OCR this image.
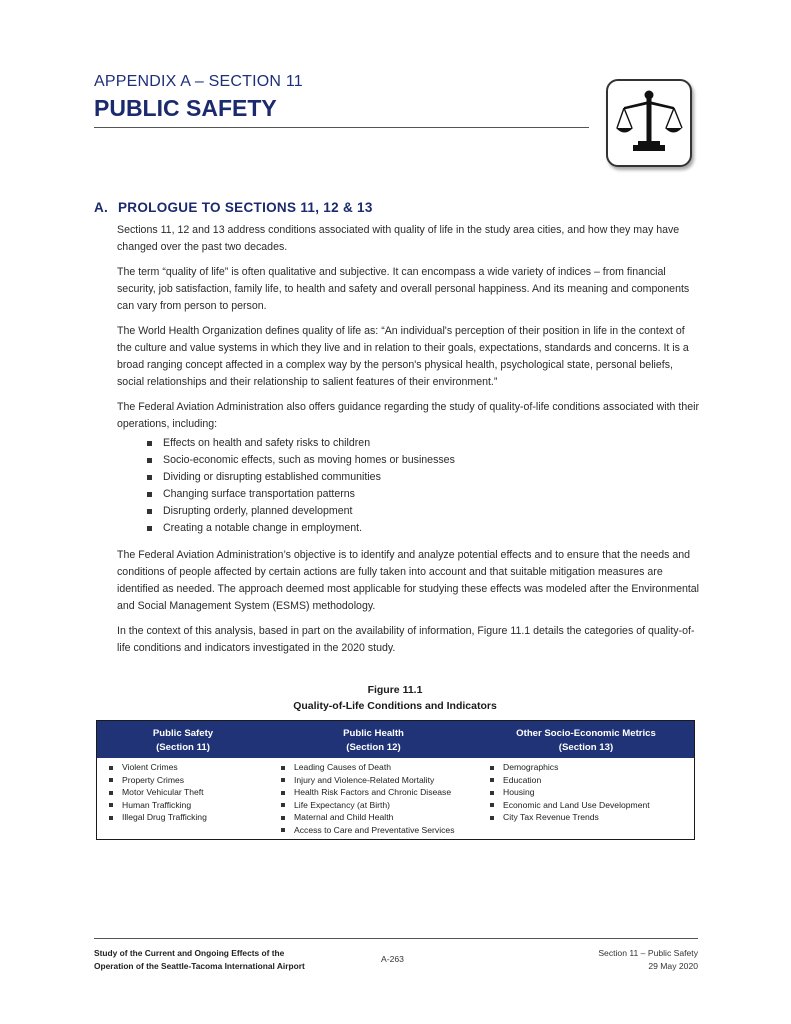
APPENDIX A – SECTION 11
PUBLIC SAFETY
A. PROLOGUE TO SECTIONS 11, 12 & 13

Sections 11, 12 and 13 address conditions associated with quality of life in the study area cities, and how they may have changed over the past two decades.

The term “quality of life” is often qualitative and subjective. It can encompass a wide variety of indices – from financial security, job satisfaction, family life, to health and safety and overall personal happiness. And its meaning and components can vary from person to person.

The World Health Organization defines quality of life as: “An individual's perception of their position in life in the context of the culture and value systems in which they live and in relation to their goals, expectations, standards and concerns. It is a broad ranging concept affected in a complex way by the person's physical health, psychological state, personal beliefs, social relationships and their relationship to salient features of their environment.”

The Federal Aviation Administration also offers guidance regarding the study of quality-of-life conditions associated with their operations, including:

Effects on health and safety risks to children
Socio-economic effects, such as moving homes or businesses
Dividing or disrupting established communities
Changing surface transportation patterns
Disrupting orderly, planned development
Creating a notable change in employment.

The Federal Aviation Administration’s objective is to identify and analyze potential effects and to ensure that the needs and conditions of people affected by certain actions are fully taken into account and that suitable mitigation measures are identified as needed. The approach deemed most applicable for studying these effects was modeled after the Environmental and Social Management System (ESMS) methodology.

In the context of this analysis, based in part on the availability of information, Figure 11.1 details the categories of quality-of-life conditions and indicators investigated in the 2020 study.

Figure 11.1
Quality-of-Life Conditions and Indicators
Public Safety
(Section 11)
Public Health
(Section 12)
Other Socio-Economic Metrics
(Section 13)
Violent Crimes
Property Crimes
Motor Vehicular Theft
Human Trafficking
Illegal Drug Trafficking
Leading Causes of Death
Injury and Violence-Related Mortality
Health Risk Factors and Chronic Disease
Life Expectancy (at Birth)
Maternal and Child Health
Access to Care and Preventative Services
Demographics
Education
Housing
Economic and Land Use Development
City Tax Revenue Trends
Study of the Current and Ongoing Effects of the
Operation of the Seattle-Tacoma International Airport
A-263
Section 11 – Public Safety
29 May 2020
